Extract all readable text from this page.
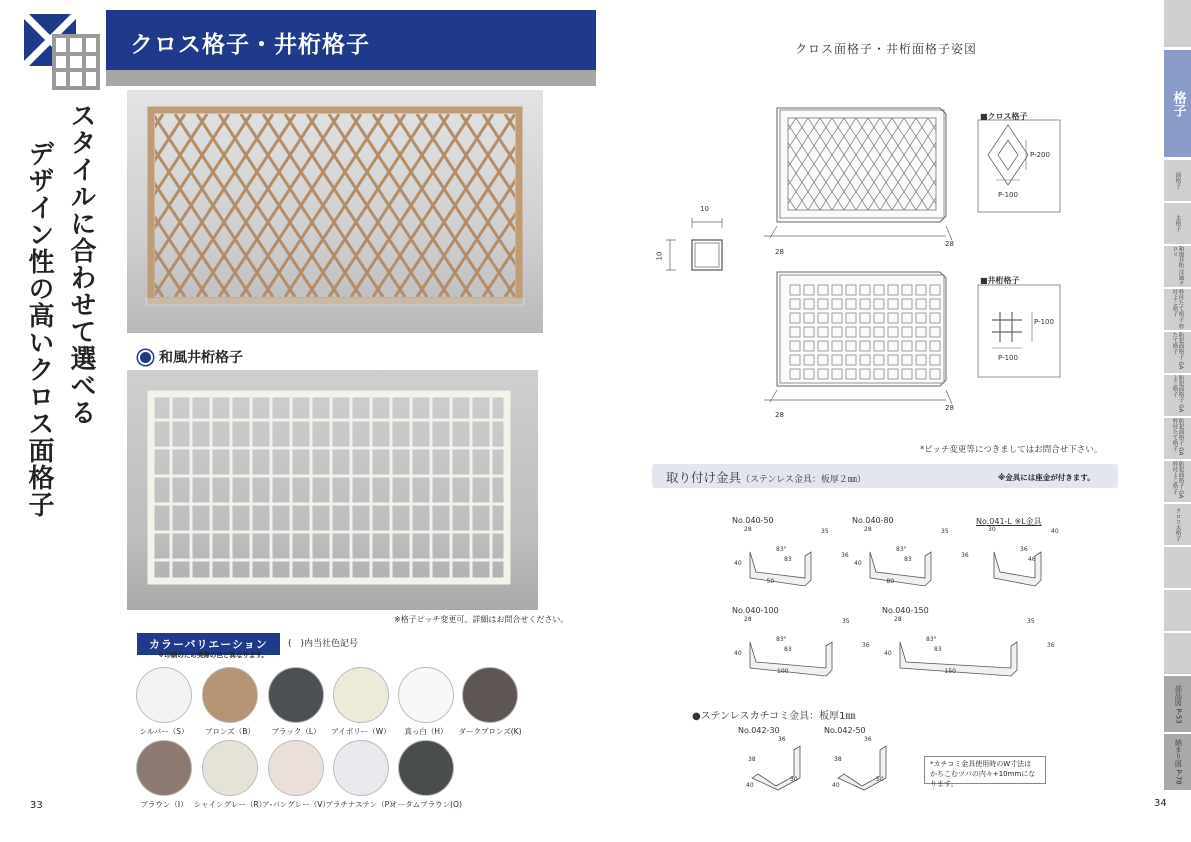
クロス格子・井桁格子
スタイルに合わせて選べる
デザイン性の高いクロス面格子	和風井桁格子
※格子ピッチ変更可、詳細はお問合せください。
カラーバリエーション	(　)内当社色記号
※印刷のため実際の色と異なります。
シルバー（S）	ブロンズ（B）	ブラック（L）	アイボリー（W）	真っ白（H）	ダークブロンズ(K)
ブラウン（I） シャイングレー（R）
ア-バングレー（V）
プラチナステン（P）
オータムブラウン(O)
33
クロス面格子・井桁面格子姿図
10
10
■クロス格子
P-200
P-100
■井桁格子
P-100
P-100
28
28
28
28
*ピッチ変更等につきましてはお問合せ下さい。
取り付け金具（ステンレス金具：板厚２㎜）	※金具には座金が付きます。
No.040-50
28	35
83°
83
40
36
50
No.040-80
28	35
83°
83
40
36
80
No.041-L ※L金具
30	40
36
46
No.040-100
28	35
83°
83
40
36
100
No.040-150
28	35
83°
83
40
36
150
●ステンレスカチコミ金具：板厚1㎜
No.042-30
36
38
40
30
No.042-50
36
38
40
50
*カチコミ金具使用時のW寸法は
かちこむツバの内々+10mmになります。
34
格子
面格子
太格子
和風井桁 洋風クロス
枠付たて格子 枠付よこ格子
防犯面格子 GAたて格子
防犯面格子 GAよこ格子
防犯面格子 GA枠付たて格子
防犯面格子 GA枠付よこ格子
クロス太格子
部品図 P-53
納まり図 P-78
